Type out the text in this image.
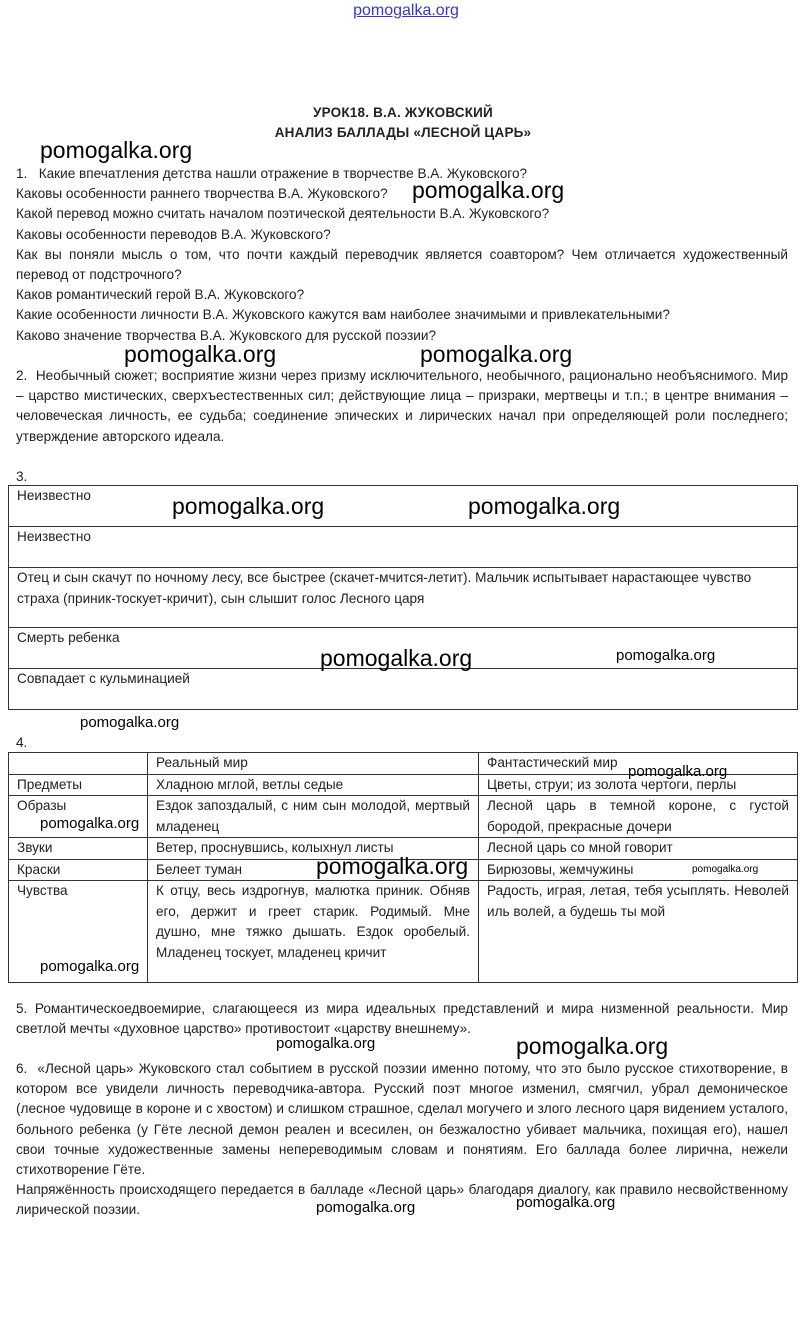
pomogalka.org
УРОК18. В.А. ЖУКОВСКИЙ
АНАЛИЗ БАЛЛАДЫ «ЛЕСНОЙ ЦАРЬ»

1. Какие впечатления детства нашли отражение в творчестве В.А. Жуковского?

Каковы особенности раннего творчества В.А. Жуковского?

Какой перевод можно считать началом поэтической деятельности В.А. Жуковского?

Каковы особенности переводов В.А. Жуковского?

Как вы поняли мысль о том, что почти каждый переводчик является соавтором? Чем отличается художественный перевод от подстрочного?

Каков романтический герой В.А. Жуковского?

Какие особенности личности В.А. Жуковского кажутся вам наиболее значимыми и привлекательными?

Каково значение творчества В.А. Жуковского для русской поэзии?

2. Необычный сюжет; восприятие жизни через призму исключительного, необычного, рационально необъяснимого. Мир – царство мистических, сверхъестественных сил; действующие лица – призраки, мертвецы и т.п.; в центре внимания – человеческая личность, ее судьба; соединение эпических и лирических начал при определяющей роли последнего; утверждение авторского идеала.

3.
Неизвестно
Неизвестно
Отец и сын скачут по ночному лесу, все быстрее (скачет-мчится-летит). Мальчик испытывает нарастающее чувство страха (приник-тоскует-кричит), сын слышит голос Лесного царя
Смерть ребенка
Совпадает с кульминацией
4.
	Реальный мир	Фантастический мир
Предметы	Хладною мглой, ветлы седые	Цветы, струи; из золота чертоги, перлы
Образы	Ездок запоздалый, с ним сын молодой, мертвый младенец	Лесной царь в темной короне, с густой бородой, прекрасные дочери
Звуки	Ветер, проснувшись, колыхнул листы	Лесной царь со мной говорит
Краски	Белеет туман	Бирюзовы, жемчужины
Чувства	К отцу, весь издрогнув, малютка приник. Обняв его, держит и греет старик. Родимый. Мне душно, мне тяжко дышать. Ездок оробелый. Младенец тоскует, младенец кричит	Радость, играя, летая, тебя усыплять. Неволей иль волей, а будешь ты мой

5. Романтическоедвоемирие, слагающееся из мира идеальных представлений и мира низменной реальности. Мир светлой мечты «духовное царство» противостоит «царству внешнему».

6. «Лесной царь» Жуковского стал событием в русской поэзии именно потому, что это было русское стихотворение, в котором все увидели личность переводчика-автора. Русский поэт многое изменил, смягчил, убрал демоническое (лесное чудовище в короне и с хвостом) и слишком страшное, сделал могучего и злого лесного царя видением усталого, больного ребенка (у Гёте лесной демон реален и всесилен, он безжалостно убивает мальчика, похищая его), нашел свои точные художественные замены непереводимым словам и понятиям. Его баллада более лирична, нежели стихотворение Гёте.

Напряжённость происходящего передается в балладе «Лесной царь» благодаря диалогу, как правило несвойственному лирической поэзии.

pomogalka.org
pomogalka.org
pomogalka.org	pomogalka.org
pomogalka.org	pomogalka.org
pomogalka.org	pomogalka.org
pomogalka.org
pomogalka.org
pomogalka.org
pomogalka.org	pomogalka.org
pomogalka.org
pomogalka.org	pomogalka.org
pomogalka.org	pomogalka.org
